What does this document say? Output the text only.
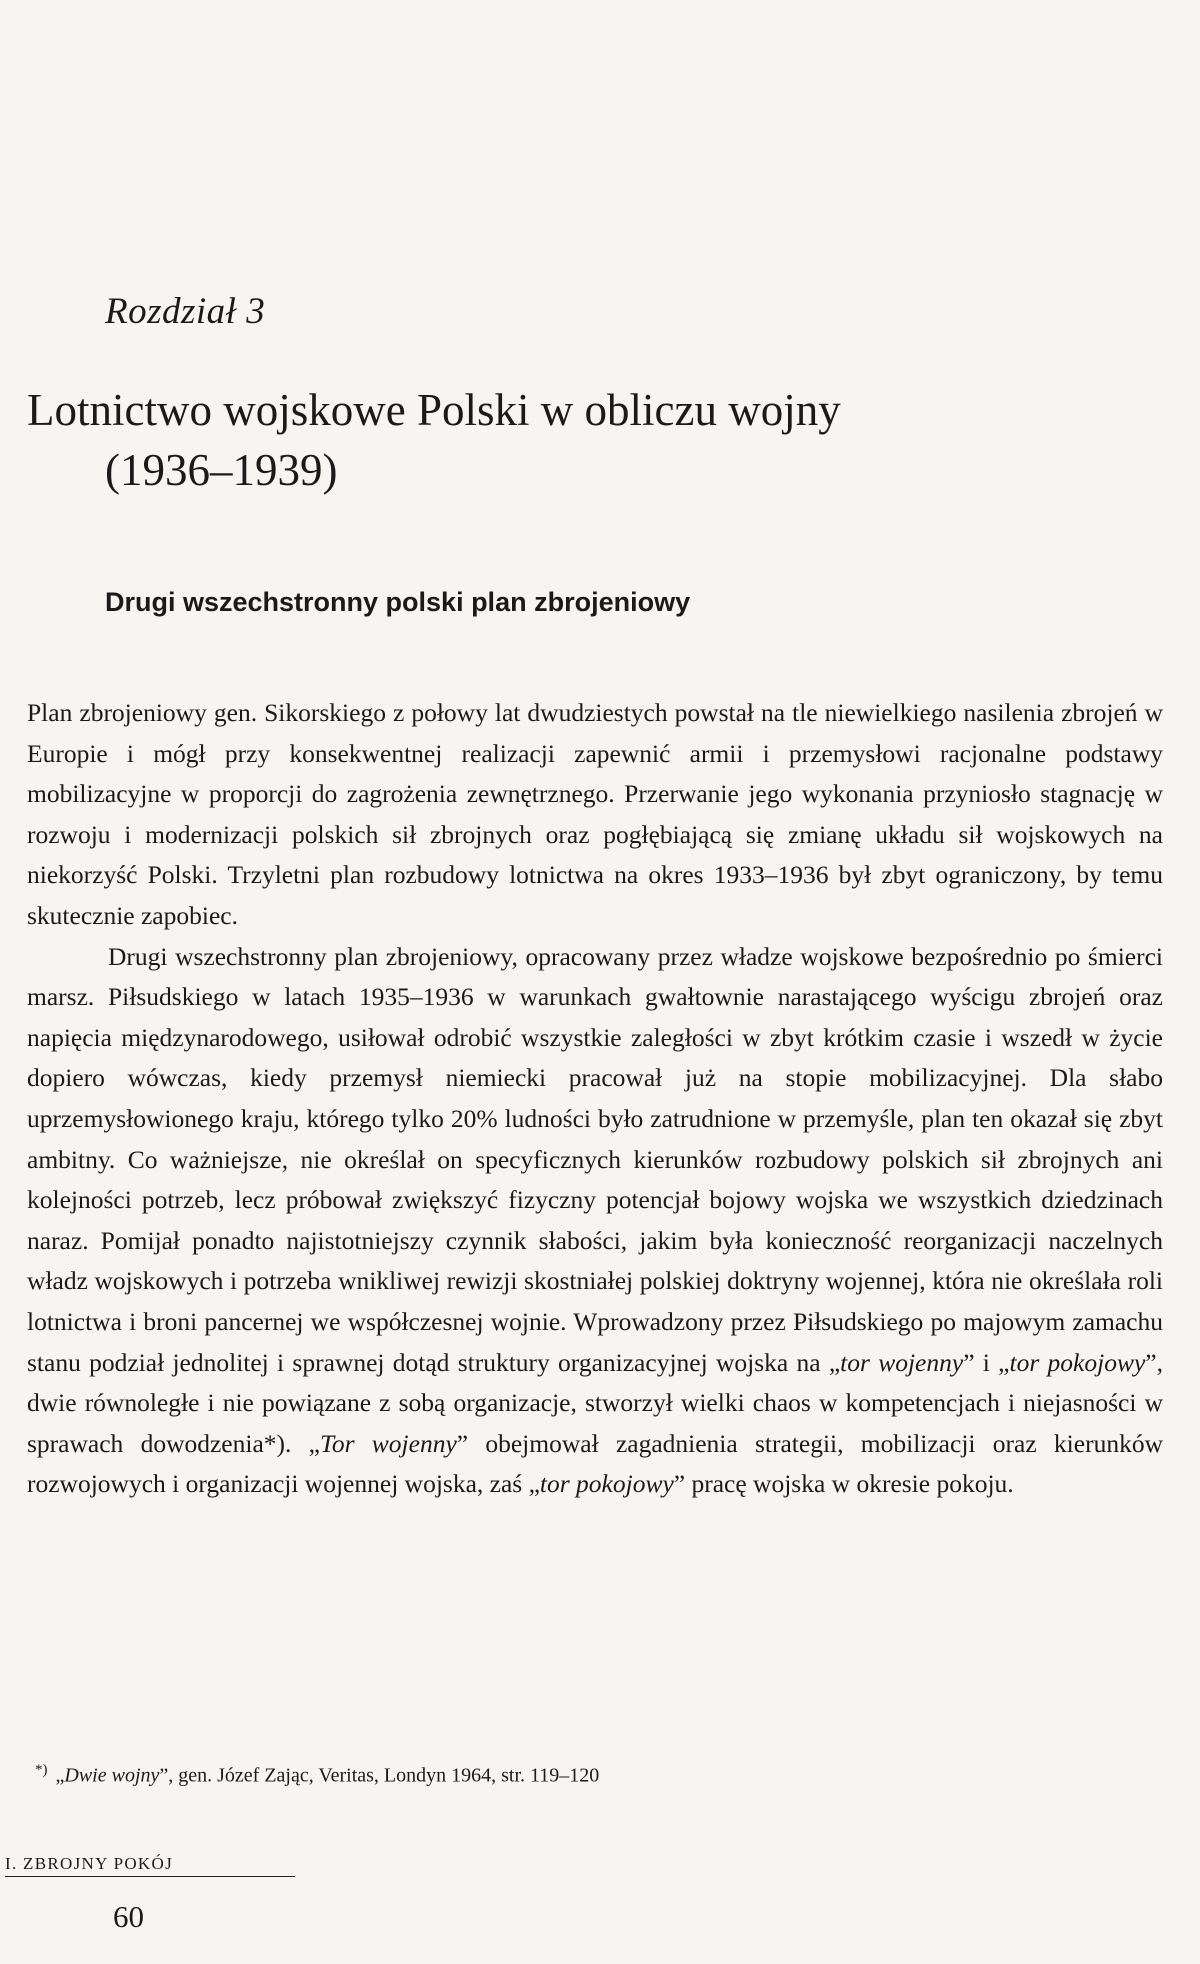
Rozdział 3
Lotnictwo wojskowe Polski w obliczu wojny
(1936–1939)
Drugi wszechstronny polski plan zbrojeniowy

Plan zbrojeniowy gen. Sikorskiego z połowy lat dwudziestych powstał na tle niewielkiego nasilenia zbrojeń w Europie i mógł przy konsekwentnej realizacji zapewnić armii i przemysłowi racjonalne podstawy mobilizacyjne w proporcji do zagrożenia zewnętrznego. Przerwanie jego wykonania przyniosło stagnację w rozwoju i modernizacji polskich sił zbrojnych oraz pogłębiającą się zmianę układu sił wojskowych na niekorzyść Polski. Trzyletni plan rozbudowy lotnictwa na okres 1933–1936 był zbyt ograniczony, by temu skutecznie zapobiec.

Drugi wszechstronny plan zbrojeniowy, opracowany przez władze wojskowe bezpośrednio po śmierci marsz. Piłsudskiego w latach 1935–1936 w warunkach gwałtownie narastającego wyścigu zbrojeń oraz napięcia międzynarodowego, usiłował odrobić wszystkie zaległości w zbyt krótkim czasie i wszedł w życie dopiero wówczas, kiedy przemysł niemiecki pracował już na stopie mobilizacyjnej. Dla słabo uprzemysłowionego kraju, którego tylko 20% ludności było zatrudnione w przemyśle, plan ten okazał się zbyt ambitny. Co ważniejsze, nie określał on specyficznych kierunków rozbudowy polskich sił zbrojnych ani kolejności potrzeb, lecz próbował zwiększyć fizyczny potencjał bojowy wojska we wszystkich dziedzinach naraz. Pomijał ponadto najistotniejszy czynnik słabości, jakim była konieczność reorganizacji naczelnych władz wojskowych i potrzeba wnikliwej rewizji skostniałej polskiej doktryny wojennej, która nie określała roli lotnictwa i broni pancernej we współczesnej wojnie. Wprowadzony przez Piłsudskiego po majowym zamachu stanu podział jednolitej i sprawnej dotąd struktury organizacyjnej wojska na „tor wojenny” i „tor pokojowy”, dwie równoległe i nie powiązane z sobą organizacje, stworzył wielki chaos w kompetencjach i niejasności w sprawach dowodzenia*). „Tor wojenny” obejmował zagadnienia strategii, mobilizacji oraz kierunków rozwojowych i organizacji wojennej wojska, zaś „tor pokojowy” pracę wojska w okresie pokoju.

*) „Dwie wojny”, gen. Józef Zając, Veritas, Londyn 1964, str. 119–120
I. ZBROJNY POKÓJ
60
